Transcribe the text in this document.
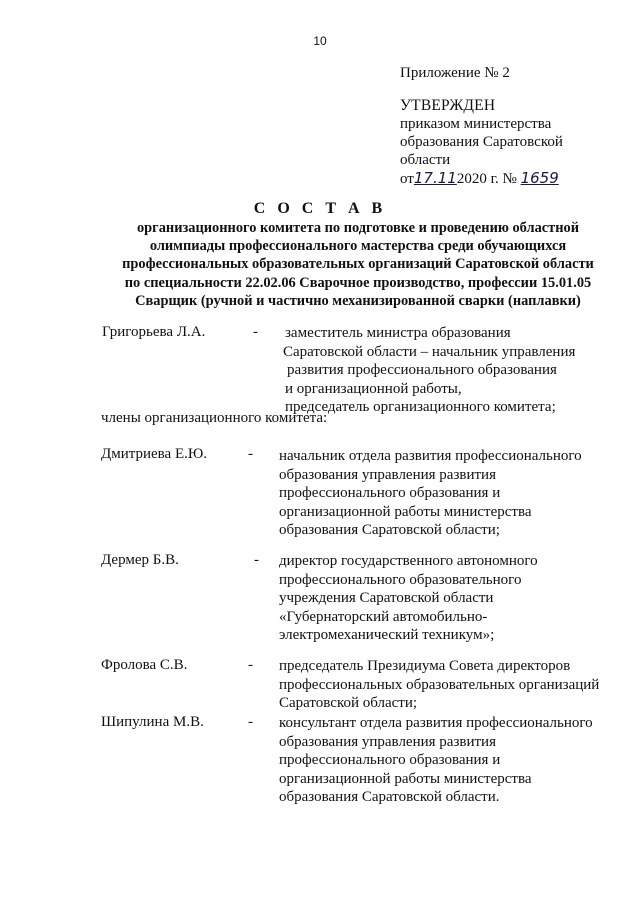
10
Приложение № 2
УТВЕРЖДЕН
приказом министерства
образования Саратовской
области
от17.112020 г. № 1659
С О С Т А В
организационного комитета по подготовке и проведению областной
олимпиады профессионального мастерства среди обучающихся
профессиональных образовательных организаций Саратовской области
по специальности 22.02.06 Сварочное производство, профессии 15.01.05
Сварщик (ручной и частично механизированной сварки (наплавки)
Григорьева Л.А.	- заместитель министра образования
Саратовской области – начальник управления
развития профессионального образования
и организационной работы,
председатель организационного комитета;
члены организационного комитета:
Дмитриева Е.Ю.	- начальник отдела развития профессионального
образования управления развития
профессионального образования и
организационной работы министерства
образования Саратовской области;
Дермер Б.В.	- директор государственного автономного
профессионального образовательного
учреждения Саратовской области
«Губернаторский автомобильно-
электромеханический техникум»;
Фролова С.В.	- председатель Президиума Совета директоров
профессиональных образовательных организаций
Саратовской области;
Шипулина М.В.	- консультант отдела развития профессионального
образования управления развития
профессионального образования и
организационной работы министерства
образования Саратовской области.
